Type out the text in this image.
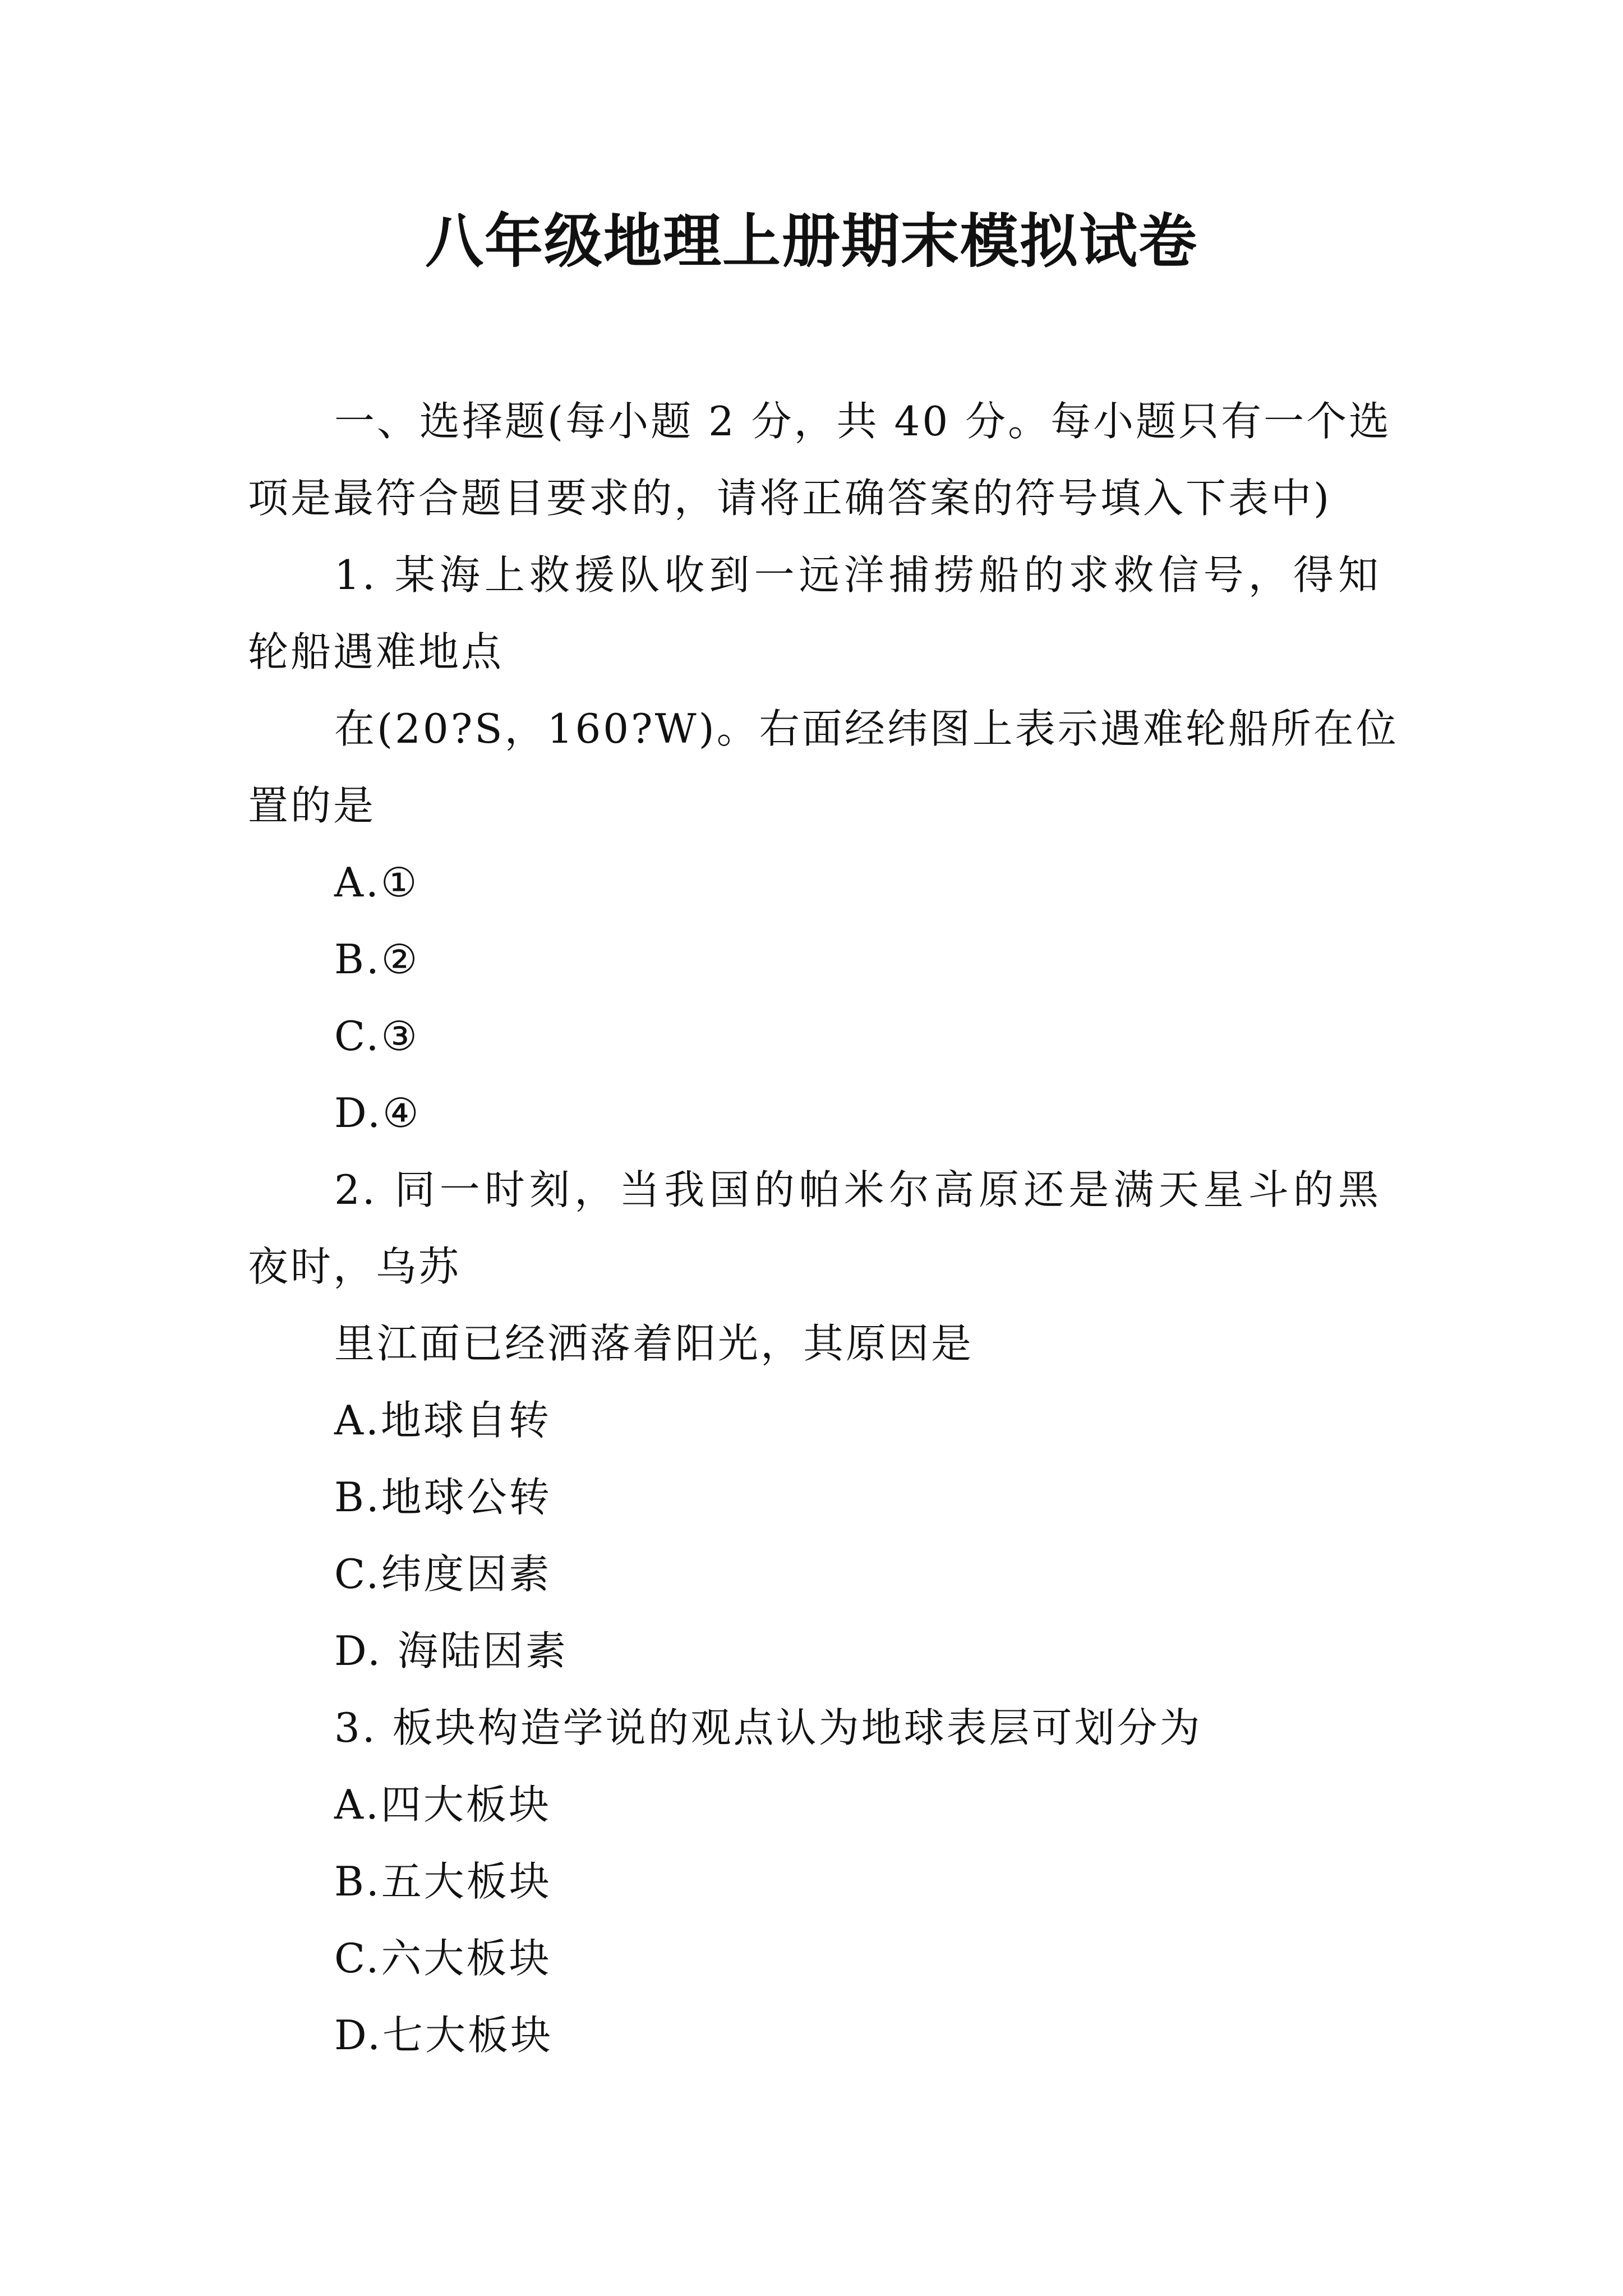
八年级地理上册期末模拟试卷
一、选择题(每小题 2 分，共 40 分。每小题只有一个选
项是最符合题目要求的，请将正确答案的符号填入下表中)
1. 某海上救援队收到一远洋捕捞船的求救信号，得知
轮船遇难地点
在(20?S，160?W)。右面经纬图上表示遇难轮船所在位
置的是
A.①
B.②
C.③
D.④
2. 同一时刻，当我国的帕米尔高原还是满天星斗的黑
夜时，乌苏
里江面已经洒落着阳光，其原因是
A.地球自转
B.地球公转
C.纬度因素
D. 海陆因素
3. 板块构造学说的观点认为地球表层可划分为
A.四大板块
B.五大板块
C.六大板块
D.七大板块
